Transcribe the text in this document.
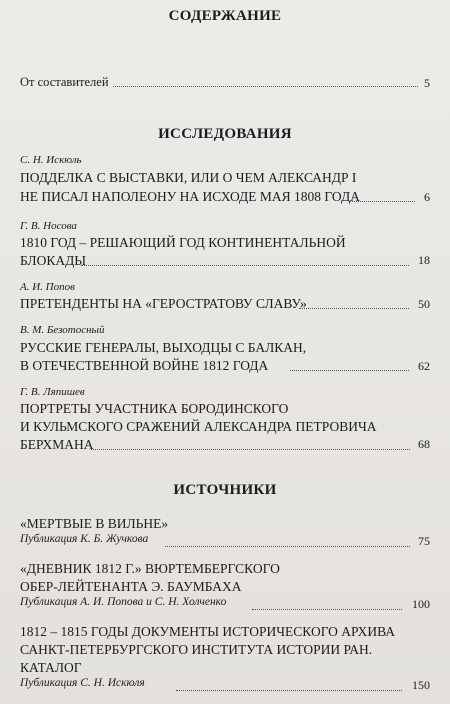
СОДЕРЖАНИЕ
От составителей	5
ИССЛЕДОВАНИЯ
С. Н. Искюль
ПОДДЕЛКА С ВЫСТАВКИ, ИЛИ О ЧЕМ АЛЕКСАНДР I
НЕ ПИСАЛ НАПОЛЕОНУ НА ИСХОДЕ МАЯ 1808 ГОДА	6
Г. В. Носова
1810 ГОД – РЕШАЮЩИЙ ГОД КОНТИНЕНТАЛЬНОЙ
БЛОКАДЫ	18
А. И. Попов
ПРЕТЕНДЕНТЫ НА «ГЕРОСТРАТОВУ СЛАВУ»	50
В. М. Безотосный
РУССКИЕ ГЕНЕРАЛЫ, ВЫХОДЦЫ С БАЛКАН,
В ОТЕЧЕСТВЕННОЙ ВОЙНЕ 1812 ГОДА	62
Г. В. Ляпишев
ПОРТРЕТЫ УЧАСТНИКА БОРОДИНСКОГО
И КУЛЬМСКОГО СРАЖЕНИЙ АЛЕКСАНДРА ПЕТРОВИЧА
БЕРХМАНА	68
ИСТОЧНИКИ
«МЕРТВЫЕ В ВИЛЬНЕ»
Публикация К. Б. Жучкова	75
«ДНЕВНИК 1812 Г.» ВЮРТЕМБЕРГСКОГО
ОБЕР-ЛЕЙТЕНАНТА Э. БАУМБАХА
Публикация А. И. Попова и С. Н. Холченко	100
1812 – 1815 ГОДЫ ДОКУМЕНТЫ ИСТОРИЧЕСКОГО АРХИВА
САНКТ-ПЕТЕРБУРГСКОГО ИНСТИТУТА ИСТОРИИ РАН.
КАТАЛОГ
Публикация С. Н. Искюля	150
